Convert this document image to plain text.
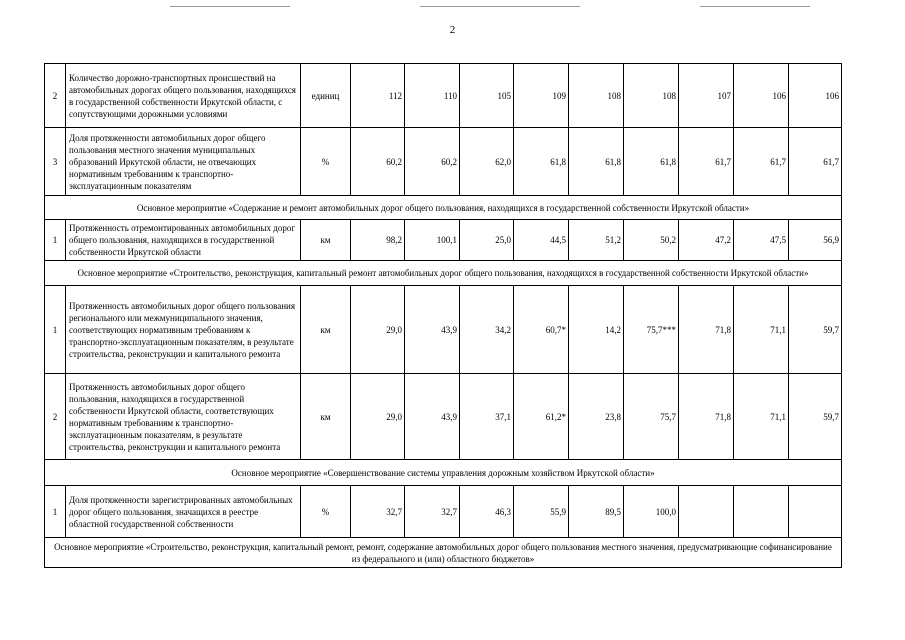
2
2	Количество дорожно-транспортных происшествий на автомобильных дорогах общего пользования, находящихся в государственной собственности Иркутской области, с сопутствующими дорожными условиями	единиц	112	110	105	109	108	108	107	106	106
3	Доля протяженности автомобильных дорог общего пользования местного значения муниципальных образований Иркутской области, не отвечающих нормативным требованиям к транспортно-эксплуатационным показателям	%	60,2	60,2	62,0	61,8	61,8	61,8	61,7	61,7	61,7
Основное мероприятие «Содержание и ремонт автомобильных дорог общего пользования, находящихся в государственной собственности Иркутской области»											
1	Протяженность отремонтированных автомобильных дорог общего пользования, находящихся в государственной собственности Иркутской области	км	98,2	100,1	25,0	44,5	51,2	50,2	47,2	47,5	56,9
Основное мероприятие «Строительство, реконструкция, капитальный ремонт автомобильных дорог общего пользования, находящихся в государственной собственности Иркутской области»											
1	Протяженность автомобильных дорог общего пользования регионального или межмуниципального значения, соответствующих нормативным требованиям к транспортно-эксплуатационным показателям, в результате строительства, реконструкции и капитального ремонта	км	29,0	43,9	34,2	60,7*	14,2	75,7***	71,8	71,1	59,7
2	Протяженность автомобильных дорог общего пользования, находящихся в государственной собственности Иркутской области, соответствующих нормативным требованиям к транспортно-эксплуатационным показателям, в результате строительства, реконструкции и капитального ремонта	км	29,0	43,9	37,1	61,2*	23,8	75,7	71,8	71,1	59,7
Основное мероприятие «Совершенствование системы управления дорожным хозяйством Иркутской области»											
1	Доля протяженности зарегистрированных автомобильных дорог общего пользования, значащихся в реестре областной государственной собственности	%	32,7	32,7	46,3	55,9	89,5	100,0			
Основное мероприятие «Строительство, реконструкция, капитальный ремонт, ремонт, содержание автомобильных дорог общего пользования местного значения, предусматривающие софинансирование из федерального и (или) областного бюджетов»											
